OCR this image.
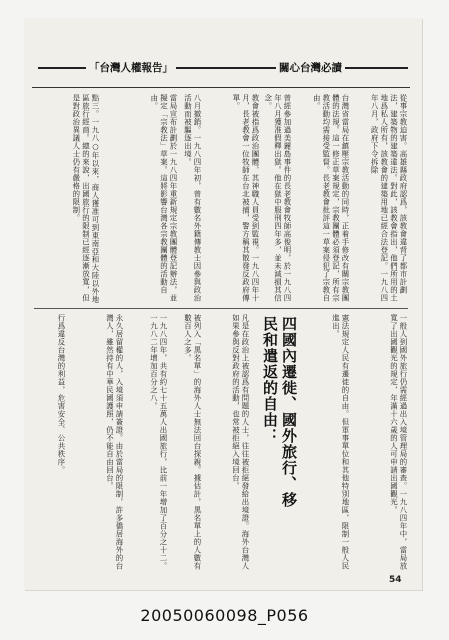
「台灣人權報告」	關心台灣必讀
從事宗教迫害。高雄縣政府認爲，該教會違背了都市計劃法，建築物的建築違法。對此，該教會指出，他們所用的土地爲私人所有，該教會的建築用地已經合法登記。一九八四年八月，政府下令拆除
台灣省當局在鎮壓宗教活動的同時，正着手修改有關宗教團體的法規。這一修正草案規定，宗教團體必須登記，所有宗教活動均需接受監督。長老教會批評這一草案侵犯了宗教自由。
曾經參加過美麗島事件的長老教會牧師高俊明，於一九八四年八月獲准假釋出獄。他在獄中服刑四年多，並未減損其信念。
教會被指爲政治團體，其神職人員受到監視。一九八四年十月，長老教會一位牧師在台北被捕，警方稱其散發反政府傳單。
八月撤銷。一九八四年初，曾有數名外籍傳教士因參與政治活動而被驅逐出境。
當局宣布計劃於一九八四年重新規定宗教團體登記辦法，並擬定「宗教法」草案。這將影響台灣各宗教團體的活動自由。
點三。一九八○年以來，商人獲准可到東南亞和大陸以外地區旅行經商。總的來說，出國旅行的限制已經逐漸放寬，但是對政治異議人士仍有嚴格的限制。
一般人到國外旅行仍需經過出入境管理局的審查。一九八四年中，當局放寬了出國觀光的規定，年滿十六歲的人可申請出國觀光。
憲法規定人民有遷徙的自由。但軍事單位和其他特別地區，限制一般人民進出。
四國內遷徙、國外旅行、移民和遣返的自由：
凡是在政治上被認爲有問題的人士，往往被拒絕發給出境證。海外台灣人如果參與反對政府的活動，也常被拒絕入境回台。
被列入「黑名單」的海外人士無法回台探親。據估計，黑名單上的人數有數百人之多。
一九八四年，共有約七十五萬人出國旅行，比前一年增加了百分之十二。一九八二年增加百分之八。
永久居留權的人，入境須申請簽證。由於當局的限制，許多僑居海外的台灣人，雖然持有中華民國護照，仍不能自由回台。
行爲違反台灣的利益，危害安全、公共秩序。
54
20050060098_P056
